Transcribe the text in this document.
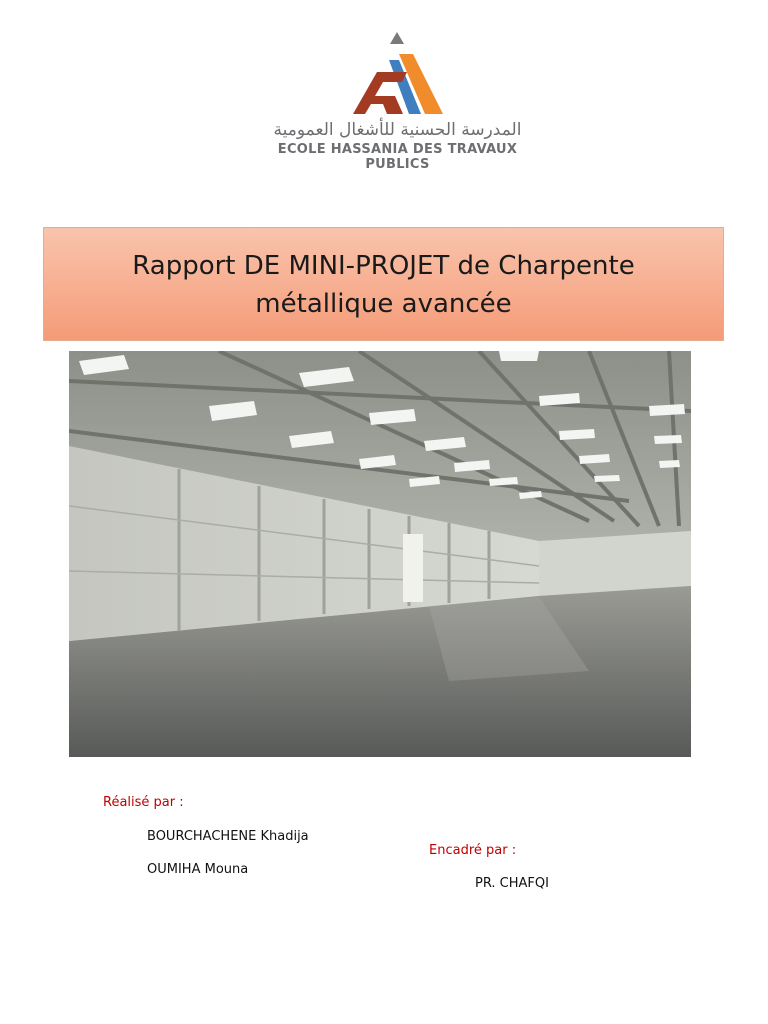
المدرسة الحسنية للأشغال العمومية
ECOLE HASSANIA DES TRAVAUX PUBLICS
Rapport DE MINI-PROJET de Charpente
métallique avancée
Réalisé par :
BOURCHACHENE Khadija
OUMIHA Mouna
Encadré par :
PR. CHAFQI
